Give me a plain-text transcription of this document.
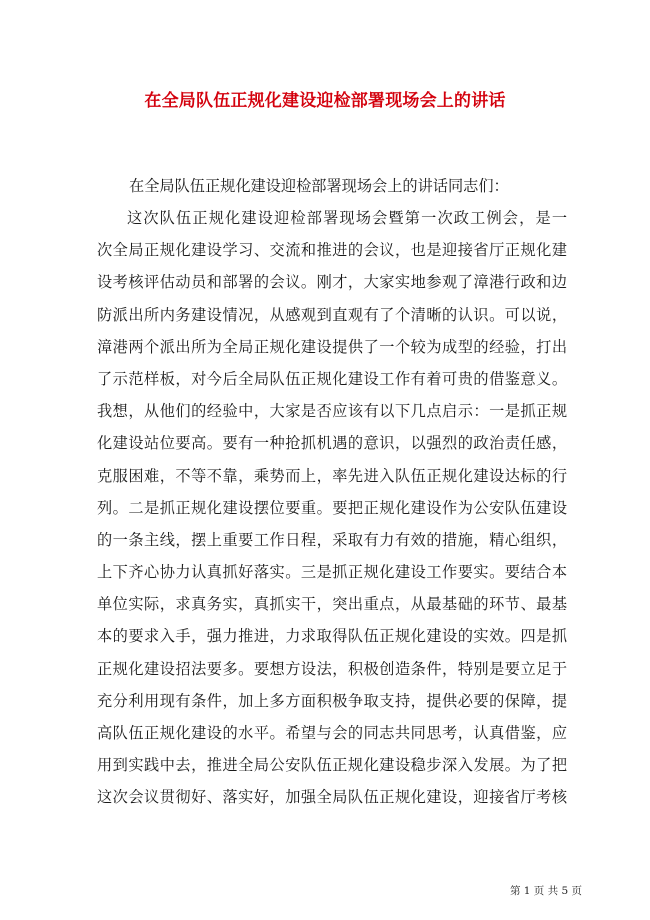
在全局队伍正规化建设迎检部署现场会上的讲话
在全局队伍正规化建设迎检部署现场会上的讲话同志们：
这次队伍正规化建设迎检部署现场会暨第一次政工例会，是一
次全局正规化建设学习、交流和推进的会议，也是迎接省厅正规化建
设考核评估动员和部署的会议。刚才，大家实地参观了漳港行政和边
防派出所内务建设情况，从感观到直观有了个清晰的认识。可以说，
漳港两个派出所为全局正规化建设提供了一个较为成型的经验，打出
了示范样板，对今后全局队伍正规化建设工作有着可贵的借鉴意义。
我想，从他们的经验中，大家是否应该有以下几点启示：一是抓正规
化建设站位要高。要有一种抢抓机遇的意识，以强烈的政治责任感，
克服困难，不等不靠，乘势而上，率先进入队伍正规化建设达标的行
列。二是抓正规化建设摆位要重。要把正规化建设作为公安队伍建设
的一条主线，摆上重要工作日程，采取有力有效的措施，精心组织，
上下齐心协力认真抓好落实。三是抓正规化建设工作要实。要结合本
单位实际，求真务实，真抓实干，突出重点，从最基础的环节、最基
本的要求入手，强力推进，力求取得队伍正规化建设的实效。四是抓
正规化建设招法要多。要想方设法，积极创造条件，特别是要立足于
充分利用现有条件，加上多方面积极争取支持，提供必要的保障，提
高队伍正规化建设的水平。希望与会的同志共同思考，认真借鉴，应
用到实践中去，推进全局公安队伍正规化建设稳步深入发展。为了把
这次会议贯彻好、落实好，加强全局队伍正规化建设，迎接省厅考核
第 1 页 共 5 页
